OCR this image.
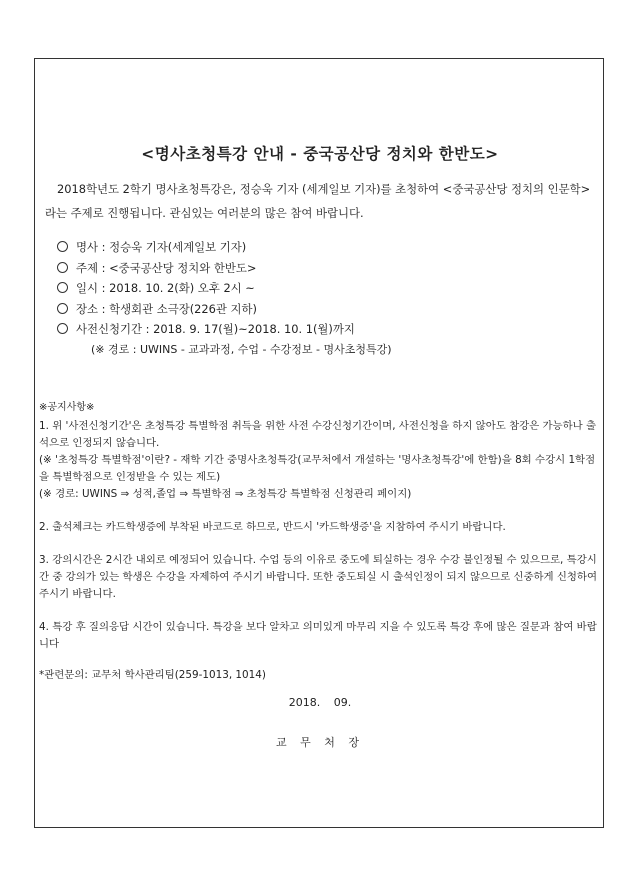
<명사초청특강 안내 - 중국공산당 정치와 한반도>
2018학년도 2학기 명사초청특강은, 정승욱 기자 (세계일보 기자)를 초청하여 <중국공산당 정치의 인문학>라는 주제로 진행됩니다. 관심있는 여러분의 많은 참여 바랍니다.
명사 : 정승욱 기자(세계일보 기자)
주제 : <중국공산당 정치와 한반도>
일시 : 2018. 10. 2(화) 오후 2시 ~
장소 : 학생회관 소극장(226관 지하)
사전신청기간 : 2018. 9. 17(월)~2018. 10. 1(월)까지
(※ 경로 : UWINS - 교과과정, 수업 - 수강정보 - 명사초청특강)

※공지사항※

1. 위 '사전신청기간'은 초청특강 특별학점 취득을 위한 사전 수강신청기간이며, 사전신청을 하지 않아도 참강은 가능하나 출석으로 인정되지 않습니다.

(※ '초청특강 특별학점'이란? - 재학 기간 중명사초청특강(교무처에서 개설하는 '명사초청특강'에 한함)을 8회 수강시 1학점을 특별학점으로 인정받을 수 있는 제도)

(※ 경로: UWINS ⇒ 성적,졸업 ⇒ 특별학점 ⇒ 초청특강 특별학점 신청관리 페이지)

2. 출석체크는 카드학생증에 부착된 바코드로 하므로, 반드시 '카드학생증'을 지참하여 주시기 바랍니다.

3. 강의시간은 2시간 내외로 예정되어 있습니다. 수업 등의 이유로 중도에 퇴실하는 경우 수강 불인정될 수 있으므로, 특강시간 중 강의가 있는 학생은 수강을 자제하여 주시기 바랍니다. 또한 중도퇴실 시 출석인정이 되지 않으므로 신중하게 신청하여 주시기 바랍니다.

4. 특강 후 질의응답 시간이 있습니다. 특강을 보다 알차고 의미있게 마무리 지을 수 있도록 특강 후에 많은 질문과 참여 바랍니다

*관련문의: 교무처 학사관리팀(259-1013, 1014)

2018. 09.
교 무 처 장
